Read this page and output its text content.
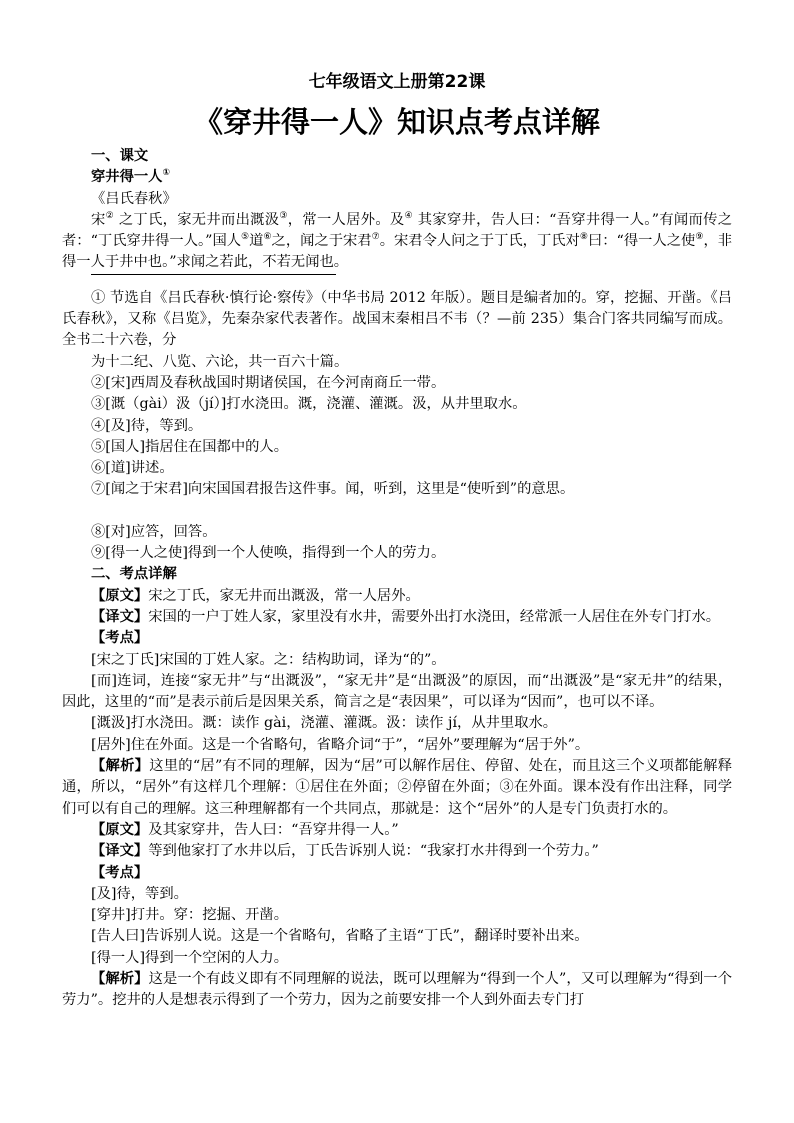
七年级语文上册第22课
《穿井得一人》知识点考点详解

一、课文

穿井得一人①

《吕氏春秋》

宋② 之丁氏，家无井而出溉汲③，常一人居外。及④ 其家穿井，告人曰：“吾穿井得一人。”有闻而传之者：“丁氏穿井得一人。”国人⑤道⑥之，闻之于宋君⑦。宋君令人问之于丁氏，丁氏对⑧曰：“得一人之使⑨，非得一人于井中也。”求闻之若此，不若无闻也。

① 节选自《吕氏春秋·慎行论·察传》（中华书局 2012 年版）。题目是编者加的。穿，挖掘、开凿。《吕氏春秋》，又称《吕览》，先秦杂家代表著作。战国末秦相吕不韦（？—前 235）集合门客共同编写而成。全书二十六卷，分

为十二纪、八览、六论，共一百六十篇。

②[宋]西周及春秋战国时期诸侯国，在今河南商丘一带。

③[溉（gài）汲（jí）]打水浇田。溉，浇灌、灌溉。汲，从井里取水。

④[及]待，等到。

⑤[国人]指居住在国都中的人。

⑥[道]讲述。

⑦[闻之于宋君]向宋国国君报告这件事。闻，听到，这里是“使听到”的意思。

⑧[对]应答，回答。

⑨[得一人之使]得到一个人使唤，指得到一个人的劳力。

二、考点详解

【原文】宋之丁氏，家无井而出溉汲，常一人居外。

【译文】宋国的一户丁姓人家，家里没有水井，需要外出打水浇田，经常派一人居住在外专门打水。

【考点】

[宋之丁氏]宋国的丁姓人家。之：结构助词，译为“的”。

[而]连词，连接“家无井”与“出溉汲”，“家无井”是“出溉汲”的原因，而“出溉汲”是“家无井”的结果，因此，这里的“而”是表示前后是因果关系，简言之是“表因果”，可以译为“因而”，也可以不译。

[溉汲]打水浇田。溉：读作 gài，浇灌、灌溉。汲：读作 jí，从井里取水。

[居外]住在外面。这是一个省略句，省略介词“于”，“居外”要理解为“居于外”。

【解析】这里的“居”有不同的理解，因为“居”可以解作居住、停留、处在，而且这三个义项都能解释通，所以，“居外”有这样几个理解：①居住在外面；②停留在外面；③在外面。课本没有作出注释，同学们可以有自己的理解。这三种理解都有一个共同点，那就是：这个“居外”的人是专门负责打水的。

【原文】及其家穿井，告人曰：“吾穿井得一人。”

【译文】等到他家打了水井以后，丁氏告诉别人说：“我家打水井得到一个劳力。”

【考点】

[及]待，等到。

[穿井]打井。穿：挖掘、开凿。

[告人曰]告诉别人说。这是一个省略句，省略了主语“丁氏”，翻译时要补出来。

[得一人]得到一个空闲的人力。

【解析】这是一个有歧义即有不同理解的说法，既可以理解为“得到一个人”，又可以理解为“得到一个劳力”。挖井的人是想表示得到了一个劳力，因为之前要安排一个人到外面去专门打
